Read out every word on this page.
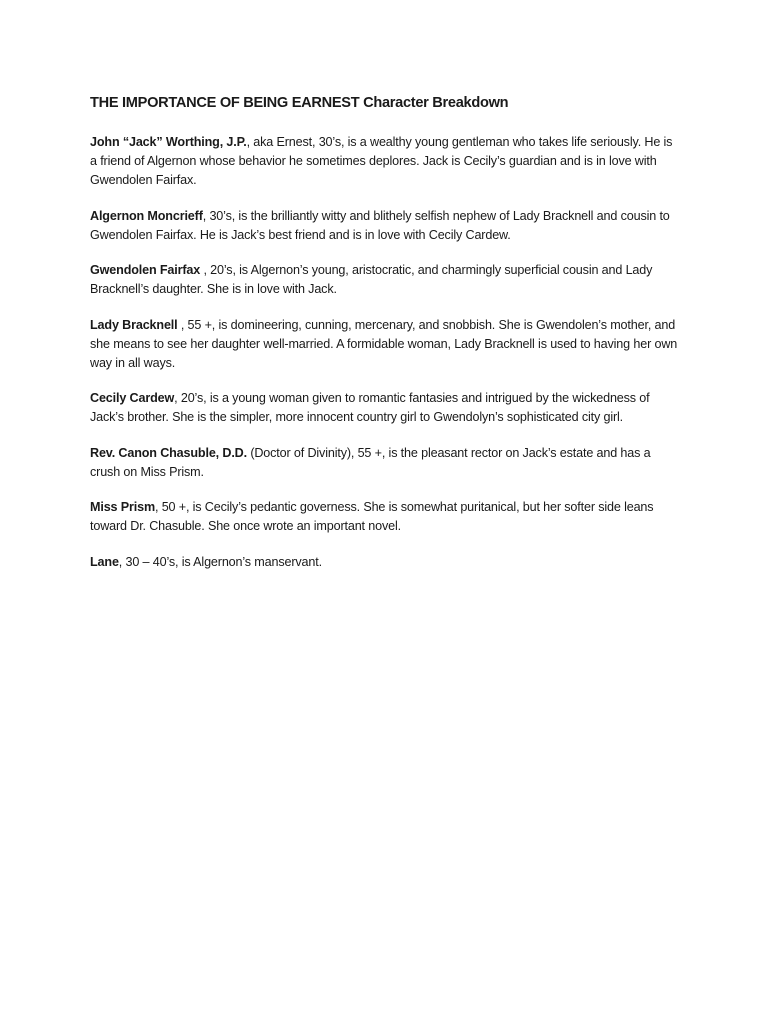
THE IMPORTANCE OF BEING EARNEST Character Breakdown

John “Jack” Worthing, J.P., aka Ernest, 30’s, is a wealthy young gentleman who takes life seriously. He is a friend of Algernon whose behavior he sometimes deplores. Jack is Cecily’s guardian and is in love with Gwendolen Fairfax.

Algernon Moncrieff, 30’s, is the brilliantly witty and blithely selfish nephew of Lady Bracknell and cousin to Gwendolen Fairfax. He is Jack’s best friend and is in love with Cecily Cardew.

Gwendolen Fairfax , 20’s, is Algernon’s young, aristocratic, and charmingly superficial cousin and Lady Bracknell’s daughter. She is in love with Jack.

Lady Bracknell , 55 +, is domineering, cunning, mercenary, and snobbish. She is Gwendolen’s mother, and she means to see her daughter well-married. A formidable woman, Lady Bracknell is used to having her own way in all ways.

Cecily Cardew, 20’s, is a young woman given to romantic fantasies and intrigued by the wickedness of Jack’s brother. She is the simpler, more innocent country girl to Gwendolyn’s sophisticated city girl.

Rev. Canon Chasuble, D.D. (Doctor of Divinity), 55 +, is the pleasant rector on Jack’s estate and has a crush on Miss Prism.

Miss Prism, 50 +, is Cecily’s pedantic governess. She is somewhat puritanical, but her softer side leans toward Dr. Chasuble. She once wrote an important novel.

Lane, 30 – 40’s, is Algernon’s manservant.
